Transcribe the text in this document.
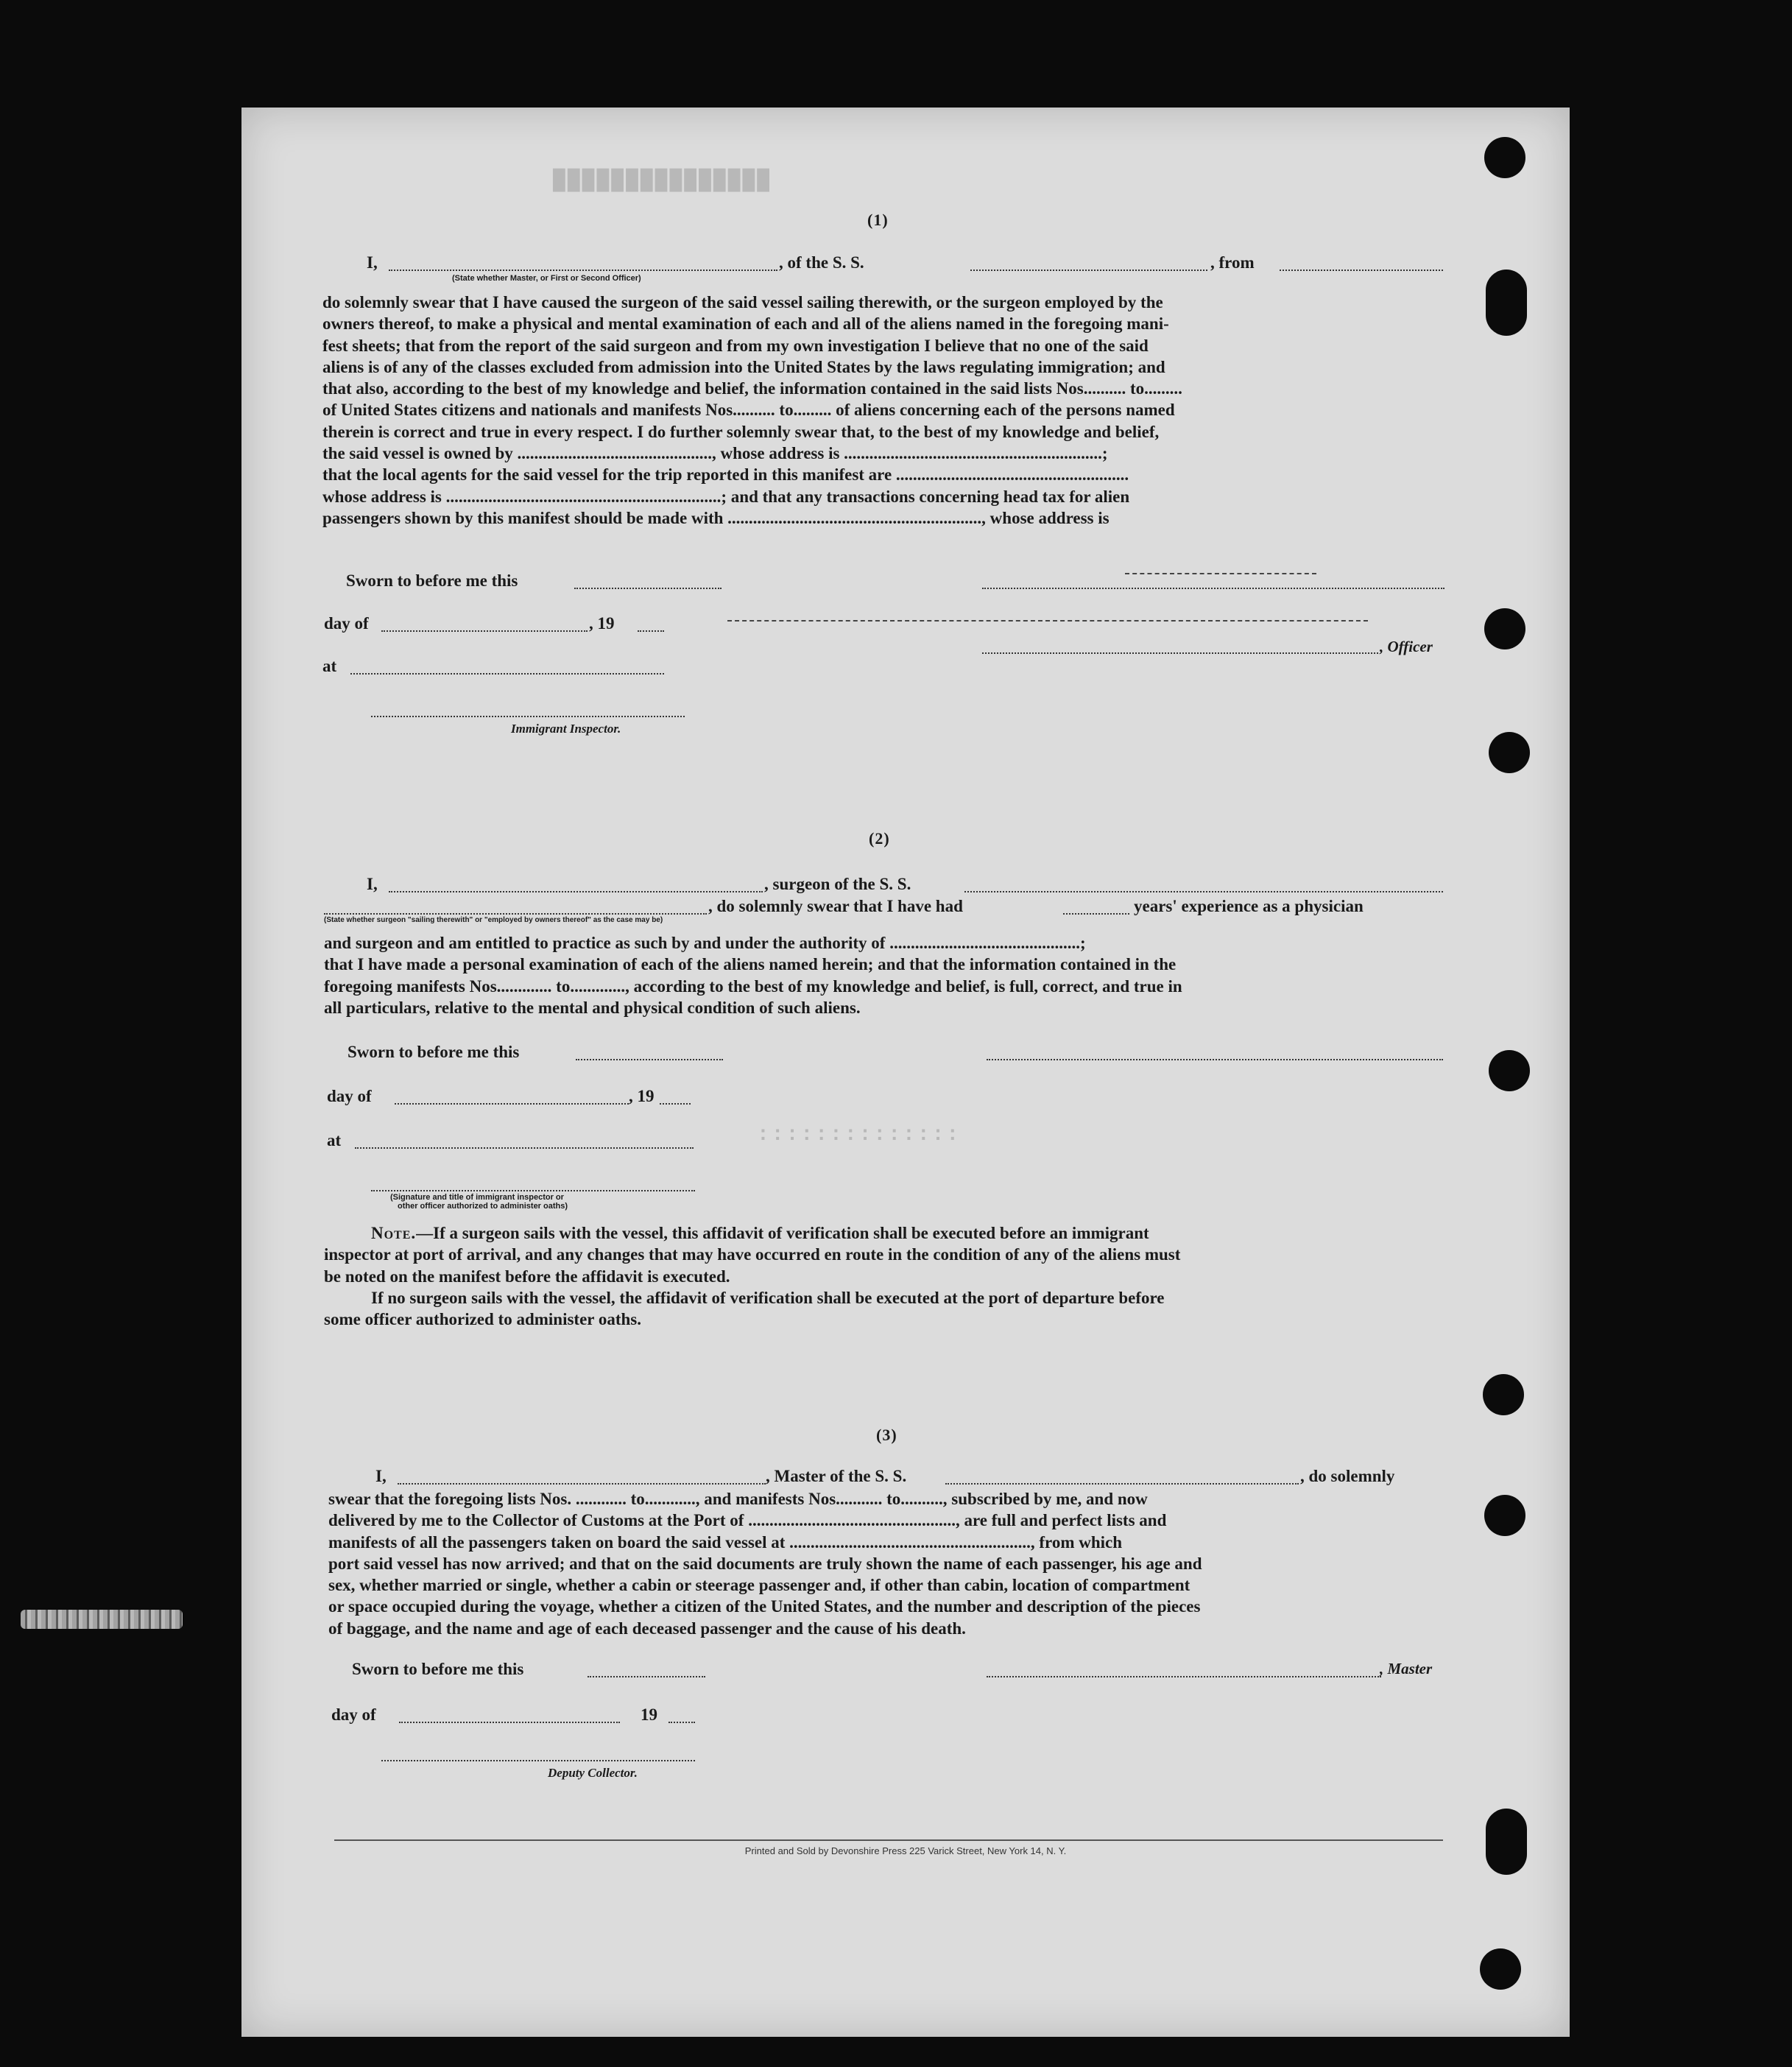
███████████████
::::::::::::::
(1)
I,	, of the S. S.	, from
(State whether Master, or First or Second Officer)
do solemnly swear that I have caused the surgeon of the said vessel sailing therewith, or the surgeon employed by the
owners thereof, to make a physical and mental examination of each and all of the aliens named in the foregoing mani-
fest sheets; that from the report of the said surgeon and from my own investigation I believe that no one of the said
aliens is of any of the classes excluded from admission into the United States by the laws regulating immigration; and
that also, according to the best of my knowledge and belief, the information contained in the said lists Nos.......... to.........
of United States citizens and nationals and manifests Nos.......... to......... of aliens concerning each of the persons named
therein is correct and true in every respect. I do further solemnly swear that, to the best of my knowledge and belief,
the said vessel is owned by .............................................., whose address is .............................................................;
that the local agents for the said vessel for the trip reported in this manifest are .......................................................
whose address is .................................................................; and that any transactions concerning head tax for alien
passengers shown by this manifest should be made with ............................................................, whose address is
Sworn to before me this
day of	, 19
, Officer
at
Immigrant Inspector.
(2)
I,	, surgeon of the S. S.
, do solemnly swear that I have had	years' experience as a physician
(State whether surgeon "sailing therewith" or "employed by owners thereof" as the case may be)
and surgeon and am entitled to practice as such by and under the authority of .............................................;
that I have made a personal examination of each of the aliens named herein; and that the information contained in the
foregoing manifests Nos............. to............., according to the best of my knowledge and belief, is full, correct, and true in
all particulars, relative to the mental and physical condition of such aliens.
Sworn to before me this
day of	, 19
at
(Signature and title of immigrant inspector or
other officer authorized to administer oaths)
Note.—If a surgeon sails with the vessel, this affidavit of verification shall be executed before an immigrant
inspector at port of arrival, and any changes that may have occurred en route in the condition of any of the aliens must
be noted on the manifest before the affidavit is executed.
If no surgeon sails with the vessel, the affidavit of verification shall be executed at the port of departure before
some officer authorized to administer oaths.
(3)
I,	, Master of the S. S.	, do solemnly
swear that the foregoing lists Nos. ............ to............, and manifests Nos........... to.........., subscribed by me, and now
delivered by me to the Collector of Customs at the Port of ................................................., are full and perfect lists and
manifests of all the passengers taken on board the said vessel at ........................................................., from which
port said vessel has now arrived; and that on the said documents are truly shown the name of each passenger, his age and
sex, whether married or single, whether a cabin or steerage passenger and, if other than cabin, location of compartment
or space occupied during the voyage, whether a citizen of the United States, and the number and description of the pieces
of baggage, and the name and age of each deceased passenger and the cause of his death.
Sworn to before me this	, Master
day of	19
Deputy Collector.
Printed and Sold by Devonshire Press 225 Varick Street, New York 14, N. Y.
